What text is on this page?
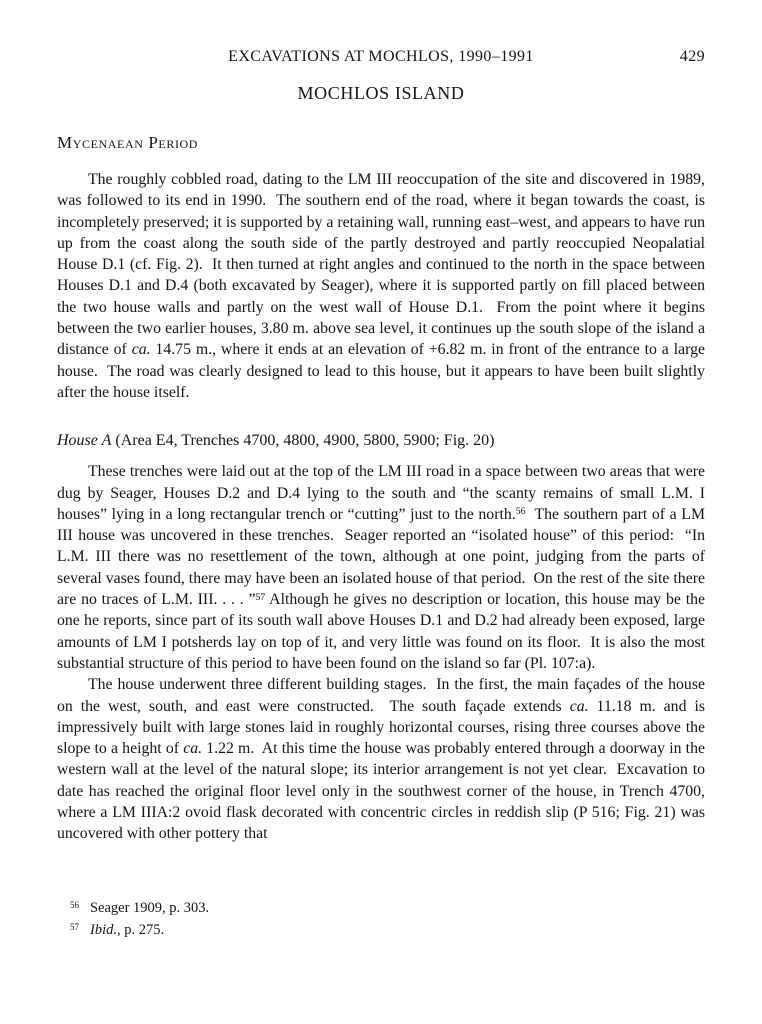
EXCAVATIONS AT MOCHLOS, 1990–1991	429
MOCHLOS ISLAND
Mycenaean Period

The roughly cobbled road, dating to the LM III reoccupation of the site and discovered in 1989, was followed to its end in 1990.  The southern end of the road, where it began towards the coast, is incompletely preserved; it is supported by a retaining wall, running east–west, and appears to have run up from the coast along the south side of the partly destroyed and partly reoccupied Neopalatial House D.1 (cf. Fig. 2).  It then turned at right angles and continued to the north in the space between Houses D.1 and D.4 (both excavated by Seager), where it is supported partly on fill placed between the two house walls and partly on the west wall of House D.1.  From the point where it begins between the two earlier houses, 3.80 m. above sea level, it continues up the south slope of the island a distance of ca. 14.75 m., where it ends at an elevation of +6.82 m. in front of the entrance to a large house.  The road was clearly designed to lead to this house, but it appears to have been built slightly after the house itself.

House A (Area E4, Trenches 4700, 4800, 4900, 5800, 5900; Fig. 20)

These trenches were laid out at the top of the LM III road in a space between two areas that were dug by Seager, Houses D.2 and D.4 lying to the south and “the scanty remains of small L.M. I houses” lying in a long rectangular trench or “cutting” just to the north.$^{56}$  The southern part of a LM III house was uncovered in these trenches.  Seager reported an “isolated house” of this period:  “In L.M. III there was no resettlement of the town, although at one point, judging from the parts of several vases found, there may have been an isolated house of that period.  On the rest of the site there are no traces of L.M. III. . . . ”$^{57}$ Although he gives no description or location, this house may be the one he reports, since part of its south wall above Houses D.1 and D.2 had already been exposed, large amounts of LM I potsherds lay on top of it, and very little was found on its floor.  It is also the most substantial structure of this period to have been found on the island so far (Pl. 107:a).

The house underwent three different building stages.  In the first, the main façades of the house on the west, south, and east were constructed.  The south façade extends ca. 11.18 m. and is impressively built with large stones laid in roughly horizontal courses, rising three courses above the slope to a height of ca. 1.22 m.  At this time the house was probably entered through a doorway in the western wall at the level of the natural slope; its interior arrangement is not yet clear.  Excavation to date has reached the original floor level only in the southwest corner of the house, in Trench 4700, where a LM IIIA:2 ovoid flask decorated with concentric circles in reddish slip (P 516; Fig. 21) was uncovered with other pottery that

$^{56}$ Seager 1909, p. 303.
$^{57}$ Ibid., p. 275.
